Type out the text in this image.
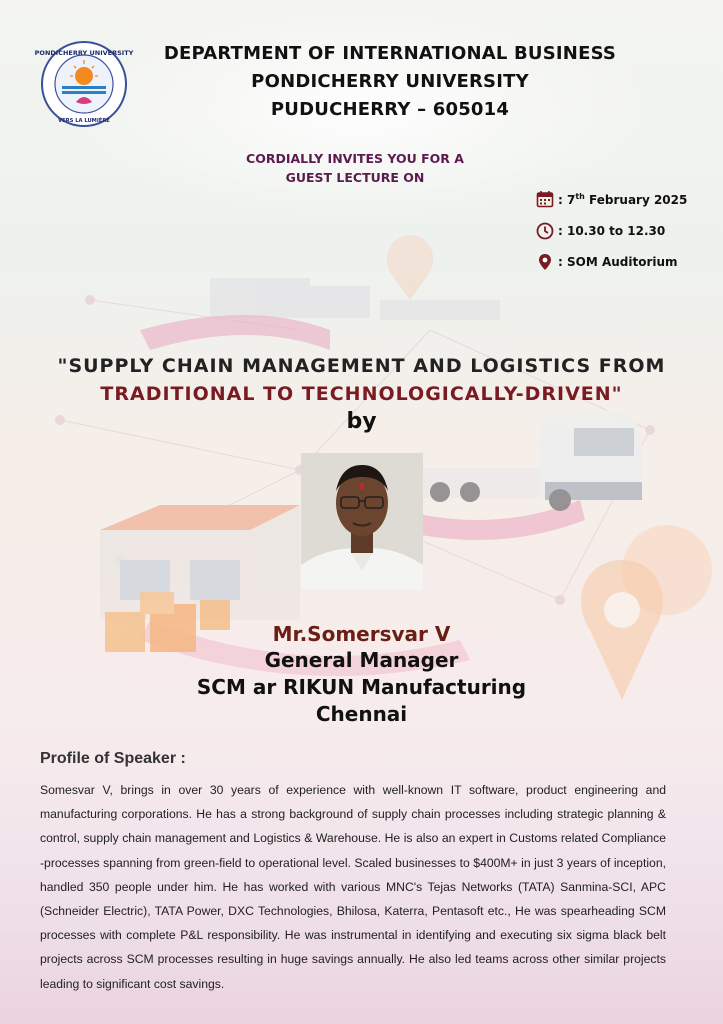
PONDICHERRY UNIVERSITY
VERS LA LUMIÈRE
DEPARTMENT OF INTERNATIONAL BUSINESS
PONDICHERRY UNIVERSITY
PUDUCHERRY – 605014
CORDIALLY INVITES YOU FOR A
GUEST LECTURE ON
: 7th February 2025
: 10.30 to 12.30
: SOM Auditorium
"SUPPLY CHAIN MANAGEMENT AND LOGISTICS FROM
TRADITIONAL TO TECHNOLOGICALLY-DRIVEN"
by
Mr.Somersvar V
General Manager
SCM ar RIKUN Manufacturing
Chennai
Profile of Speaker :
Somesvar V, brings in over 30 years of experience with well-known IT software, product engineering and manufacturing corporations. He has a strong background of supply chain processes including strategic planning & control, supply chain management and Logistics & Warehouse. He is also an expert in Customs related Compliance -processes spanning from green-field to operational level. Scaled businesses to $400M+ in just 3 years of inception, handled 350 people under him. He has worked with various MNC's Tejas Networks (TATA) Sanmina-SCI, APC (Schneider Electric), TATA Power, DXC Technologies, Bhilosa, Katerra, Pentasoft etc., He was spearheading SCM processes with complete P&L responsibility. He was instrumental in identifying and executing six sigma black belt projects across SCM processes resulting in huge savings annually. He also led teams across other similar projects leading to significant cost savings.
